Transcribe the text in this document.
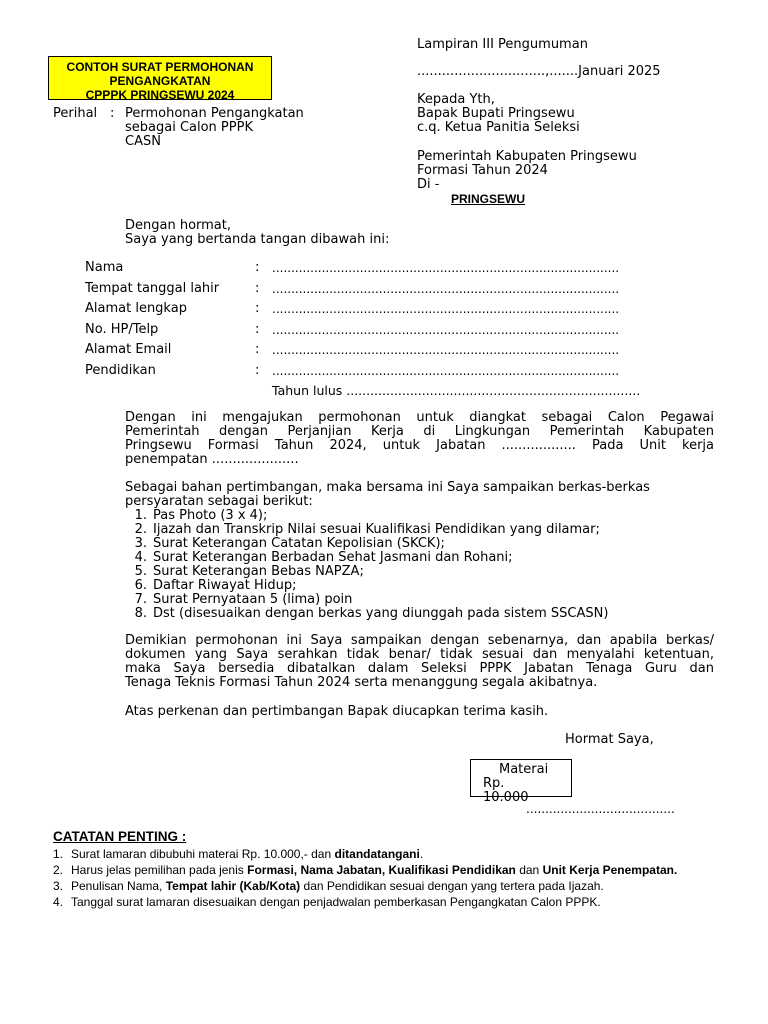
Lampiran III Pengumuman
CONTOH SURAT PERMOHONAN
PENGANGKATAN
CPPPK PRINGSEWU 2024
...............................,.......Januari 2025
Perihal : Permohonan Pengangkatan
sebagai Calon PPPK
CASN
Kepada Yth,
Bapak Bupati Pringsewu
c.q. Ketua Panitia Seleksi
Pemerintah Kabupaten Pringsewu
Formasi Tahun 2024
Di -
PRINGSEWU
Dengan hormat,
Saya yang bertanda tangan dibawah ini:
Nama	: ...........................................................................................
Tempat tanggal lahir	: ...........................................................................................
Alamat lengkap	: ...........................................................................................
No. HP/Telp	: ...........................................................................................
Alamat Email	: ...........................................................................................
Pendidikan	: ...........................................................................................
Tahun lulus ..........................................................................
Dengan ini mengajukan permohonan untuk diangkat sebagai Calon Pegawai
Pemerintah dengan Perjanjian Kerja di Lingkungan Pemerintah Kabupaten
Pringsewu Formasi Tahun 2024, untuk Jabatan .................. Pada Unit kerja
penempatan .....................
Sebagai bahan pertimbangan, maka bersama ini Saya sampaikan berkas-berkas
persyaratan sebagai berikut:
1. Pas Photo (3 x 4);
2. Ijazah dan Transkrip Nilai sesuai Kualifikasi Pendidikan yang dilamar;
3. Surat Keterangan Catatan Kepolisian (SKCK);
4. Surat Keterangan Berbadan Sehat Jasmani dan Rohani;
5. Surat Keterangan Bebas NAPZA;
6. Daftar Riwayat Hidup;
7. Surat Pernyataan 5 (lima) poin
8. Dst (disesuaikan dengan berkas yang diunggah pada sistem SSCASN)
Demikian permohonan ini Saya sampaikan dengan sebenarnya, dan apabila berkas/
dokumen yang Saya serahkan tidak benar/ tidak sesuai dan menyalahi ketentuan,
maka Saya bersedia dibatalkan dalam Seleksi PPPK Jabatan Tenaga Guru dan
Tenaga Teknis Formasi Tahun 2024 serta menanggung segala akibatnya.
Atas perkenan dan pertimbangan Bapak diucapkan terima kasih.
Hormat Saya,
Materai
Rp.
10.000
.......................................
CATATAN PENTING :
1. Surat lamaran dibubuhi materai Rp. 10.000,- dan ditandatangani.
2. Harus jelas pemilihan pada jenis Formasi, Nama Jabatan, Kualifikasi Pendidikan dan Unit Kerja Penempatan.
3. Penulisan Nama, Tempat lahir (Kab/Kota) dan Pendidikan sesuai dengan yang tertera pada Ijazah.
4. Tanggal surat lamaran disesuaikan dengan penjadwalan pemberkasan Pengangkatan Calon PPPK.
